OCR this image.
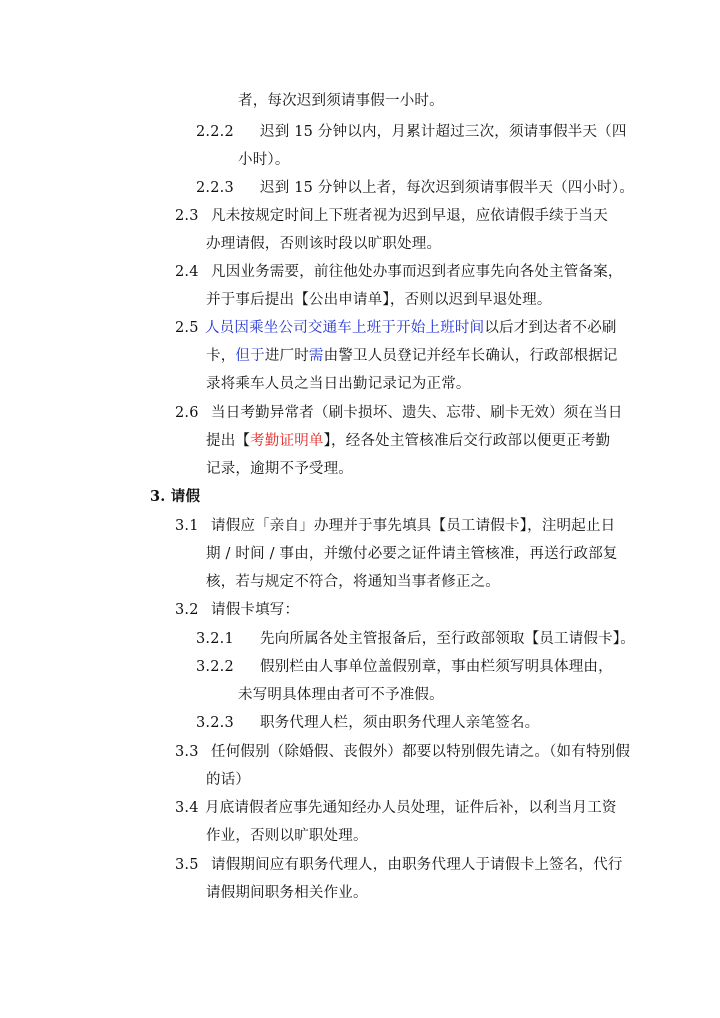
者，每次迟到须请事假一小时。
2.2.2 迟到 15 分钟以内，月累计超过三次，须请事假半天（四
小时）。
2.2.3 迟到 15 分钟以上者，每次迟到须请事假半天（四小时）。
2.3 凡未按规定时间上下班者视为迟到早退，应依请假手续于当天
办理请假，否则该时段以旷职处理。
2.4 凡因业务需要，前往他处办事而迟到者应事先向各处主管备案，
并于事后提出【公出申请单】，否则以迟到早退处理。
2.5 人员因乘坐公司交通车上班于开始上班时间以后才到达者不必刷
卡，但于进厂时需由警卫人员登记并经车长确认，行政部根据记
录将乘车人员之当日出勤记录记为正常。
2.6 当日考勤异常者（刷卡损坏、遗失、忘带、刷卡无效）须在当日
提出【考勤证明单】，经各处主管核准后交行政部以便更正考勤
记录，逾期不予受理。
3. 请假
3.1 请假应「亲自」办理并于事先填具【员工请假卡】，注明起止日
期 / 时间 / 事由，并缴付必要之证件请主管核准，再送行政部复
核，若与规定不符合，将通知当事者修正之。
3.2 请假卡填写：
3.2.1 先向所属各处主管报备后，至行政部领取【员工请假卡】。
3.2.2 假别栏由人事单位盖假别章，事由栏须写明具体理由，
未写明具体理由者可不予准假。
3.2.3 职务代理人栏，须由职务代理人亲笔签名。
3.3 任何假别（除婚假、丧假外）都要以特别假先请之。（如有特别假
的话）
3.4 月底请假者应事先通知经办人员处理，证件后补，以利当月工资
作业，否则以旷职处理。
3.5 请假期间应有职务代理人，由职务代理人于请假卡上签名，代行
请假期间职务相关作业。
